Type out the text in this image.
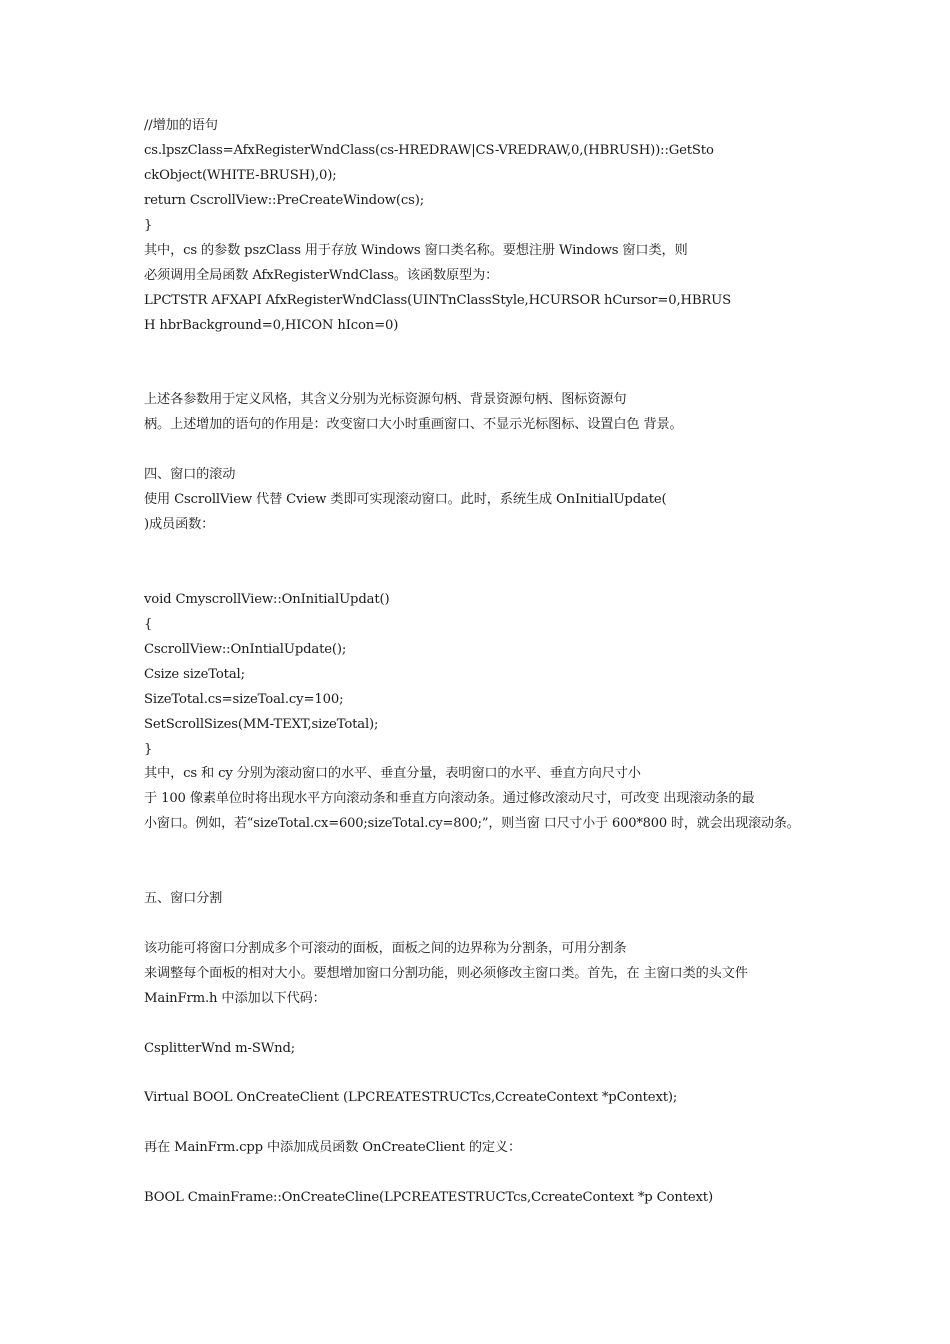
//增加的语句
cs.lpszClass=AfxRegisterWndClass(cs-HREDRAW|CS-VREDRAW,0,(HBRUSH))::GetSto
ckObject(WHITE-BRUSH),0);
return CscrollView::PreCreateWindow(cs);
}
其中，cs 的参数 pszClass 用于存放 Windows 窗口类名称。要想注册 Windows 窗口类，则
必须调用全局函数 AfxRegisterWndClass。该函数原型为：
LPCTSTR AFXAPI AfxRegisterWndClass(UINTnClassStyle,HCURSOR hCursor=0,HBRUS
H hbrBackground=0,HICON hIcon=0)
上述各参数用于定义风格，其含义分别为光标资源句柄、背景资源句柄、图标资源句
柄。上述增加的语句的作用是：改变窗口大小时重画窗口、不显示光标图标、设置白色 背景。
四、窗口的滚动
使用 CscrollView 代替 Cview 类即可实现滚动窗口。此时，系统生成 OnInitialUpdate(
)成员函数：
void CmyscrollView::OnInitialUpdat()
{
CscrollView::OnIntialUpdate();
Csize sizeTotal;
SizeTotal.cs=sizeToal.cy=100;
SetScrollSizes(MM-TEXT,sizeTotal);
}
其中，cs 和 cy 分别为滚动窗口的水平、垂直分量，表明窗口的水平、垂直方向尺寸小
于 100 像素单位时将出现水平方向滚动条和垂直方向滚动条。通过修改滚动尺寸，可改变 出现滚动条的最
小窗口。例如，若“sizeTotal.cx=600;sizeTotal.cy=800;”，则当窗 口尺寸小于 600*800 时，就会出现滚动条。
五、窗口分割
该功能可将窗口分割成多个可滚动的面板，面板之间的边界称为分割条，可用分割条
来调整每个面板的相对大小。要想增加窗口分割功能，则必须修改主窗口类。首先，在 主窗口类的头文件
MainFrm.h 中添加以下代码：
CsplitterWnd m-SWnd;
Virtual BOOL OnCreateClient (LPCREATESTRUCTcs,CcreateContext *pContext);
再在 MainFrm.cpp 中添加成员函数 OnCreateClient 的定义：
BOOL CmainFrame::OnCreateCline(LPCREATESTRUCTcs,CcreateContext *p Context)
